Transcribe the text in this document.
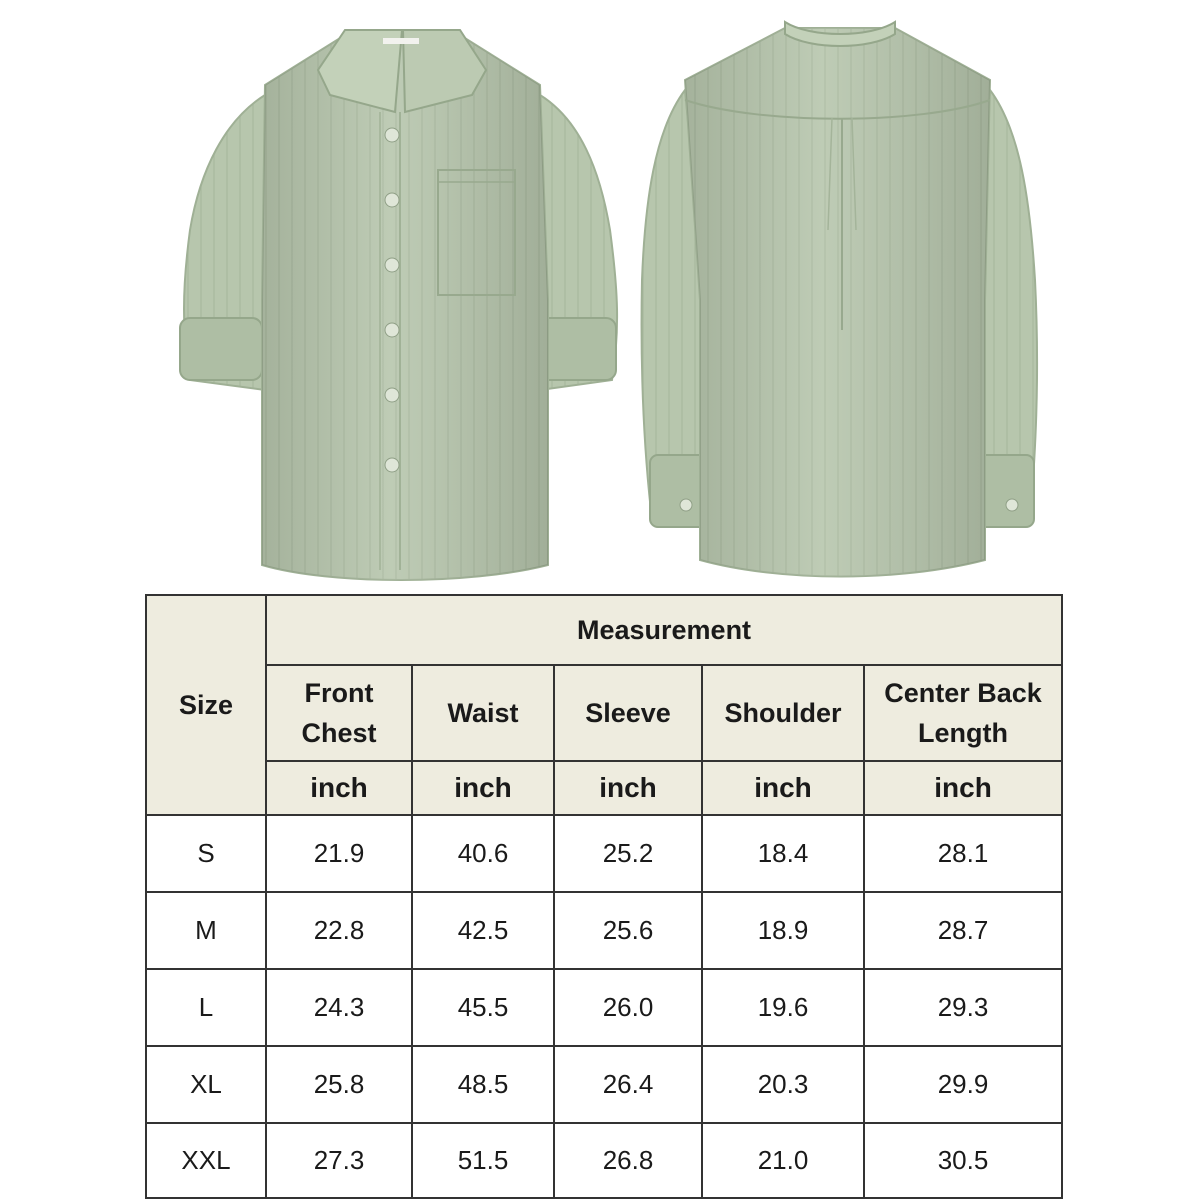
Size	Measurement				
	Front Chest	Waist	Sleeve	Shoulder	Center Back Length
	inch	inch	inch	inch	inch
S	21.9	40.6	25.2	18.4	28.1
M	22.8	42.5	25.6	18.9	28.7
L	24.3	45.5	26.0	19.6	29.3
XL	25.8	48.5	26.4	20.3	29.9
XXL	27.3	51.5	26.8	21.0	30.5
